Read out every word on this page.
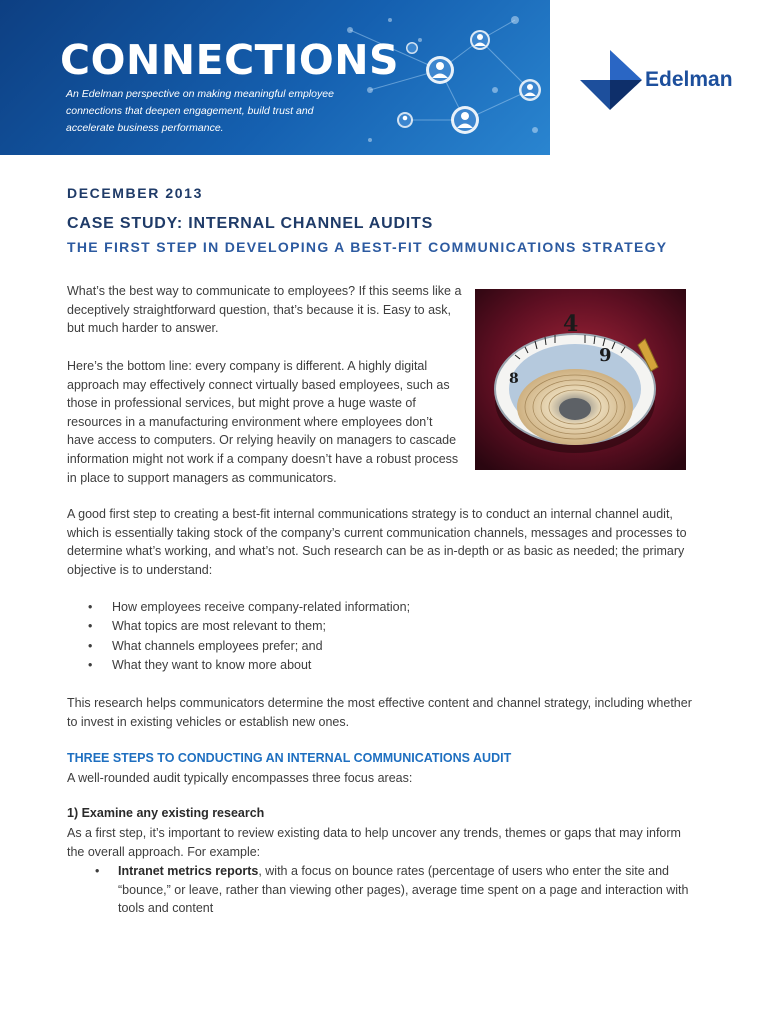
CONNECTIONS
An Edelman perspective on making meaningful employee connections that deepen engagement, build trust and accelerate business performance.
Edelman
DECEMBER 2013
CASE STUDY: INTERNAL CHANNEL AUDITS
THE FIRST STEP IN DEVELOPING A BEST-FIT COMMUNICATIONS STRATEGY
What’s the best way to communicate to employees? If this seems like a deceptively straightforward question, that’s because it is. Easy to ask, but much harder to answer.
Here’s the bottom line: every company is different. A highly digital approach may effectively connect virtually based employees, such as those in professional services, but might prove a huge waste of resources in a manufacturing environment where employees don’t have access to computers. Or relying heavily on managers to cascade information might not work if a company doesn’t have a robust process in place to support managers as communicators.
4
9
8
A good first step to creating a best-fit internal communications strategy is to conduct an internal channel audit, which is essentially taking stock of the company’s current communication channels, messages and processes to determine what’s working, and what’s not. Such research can be as in-depth or as basic as needed; the primary objective is to understand:
• How employees receive company-related information;
• What topics are most relevant to them;
• What channels employees prefer; and
• What they want to know more about
This research helps communicators determine the most effective content and channel strategy, including whether to invest in existing vehicles or establish new ones.
THREE STEPS TO CONDUCTING AN INTERNAL COMMUNICATIONS AUDIT
A well-rounded audit typically encompasses three focus areas:
1) Examine any existing research
As a first step, it’s important to review existing data to help uncover any trends, themes or gaps that may inform the overall approach. For example:
• Intranet metrics reports, with a focus on bounce rates (percentage of users who enter the site and “bounce,” or leave, rather than viewing other pages), average time spent on a page and interaction with tools and content
